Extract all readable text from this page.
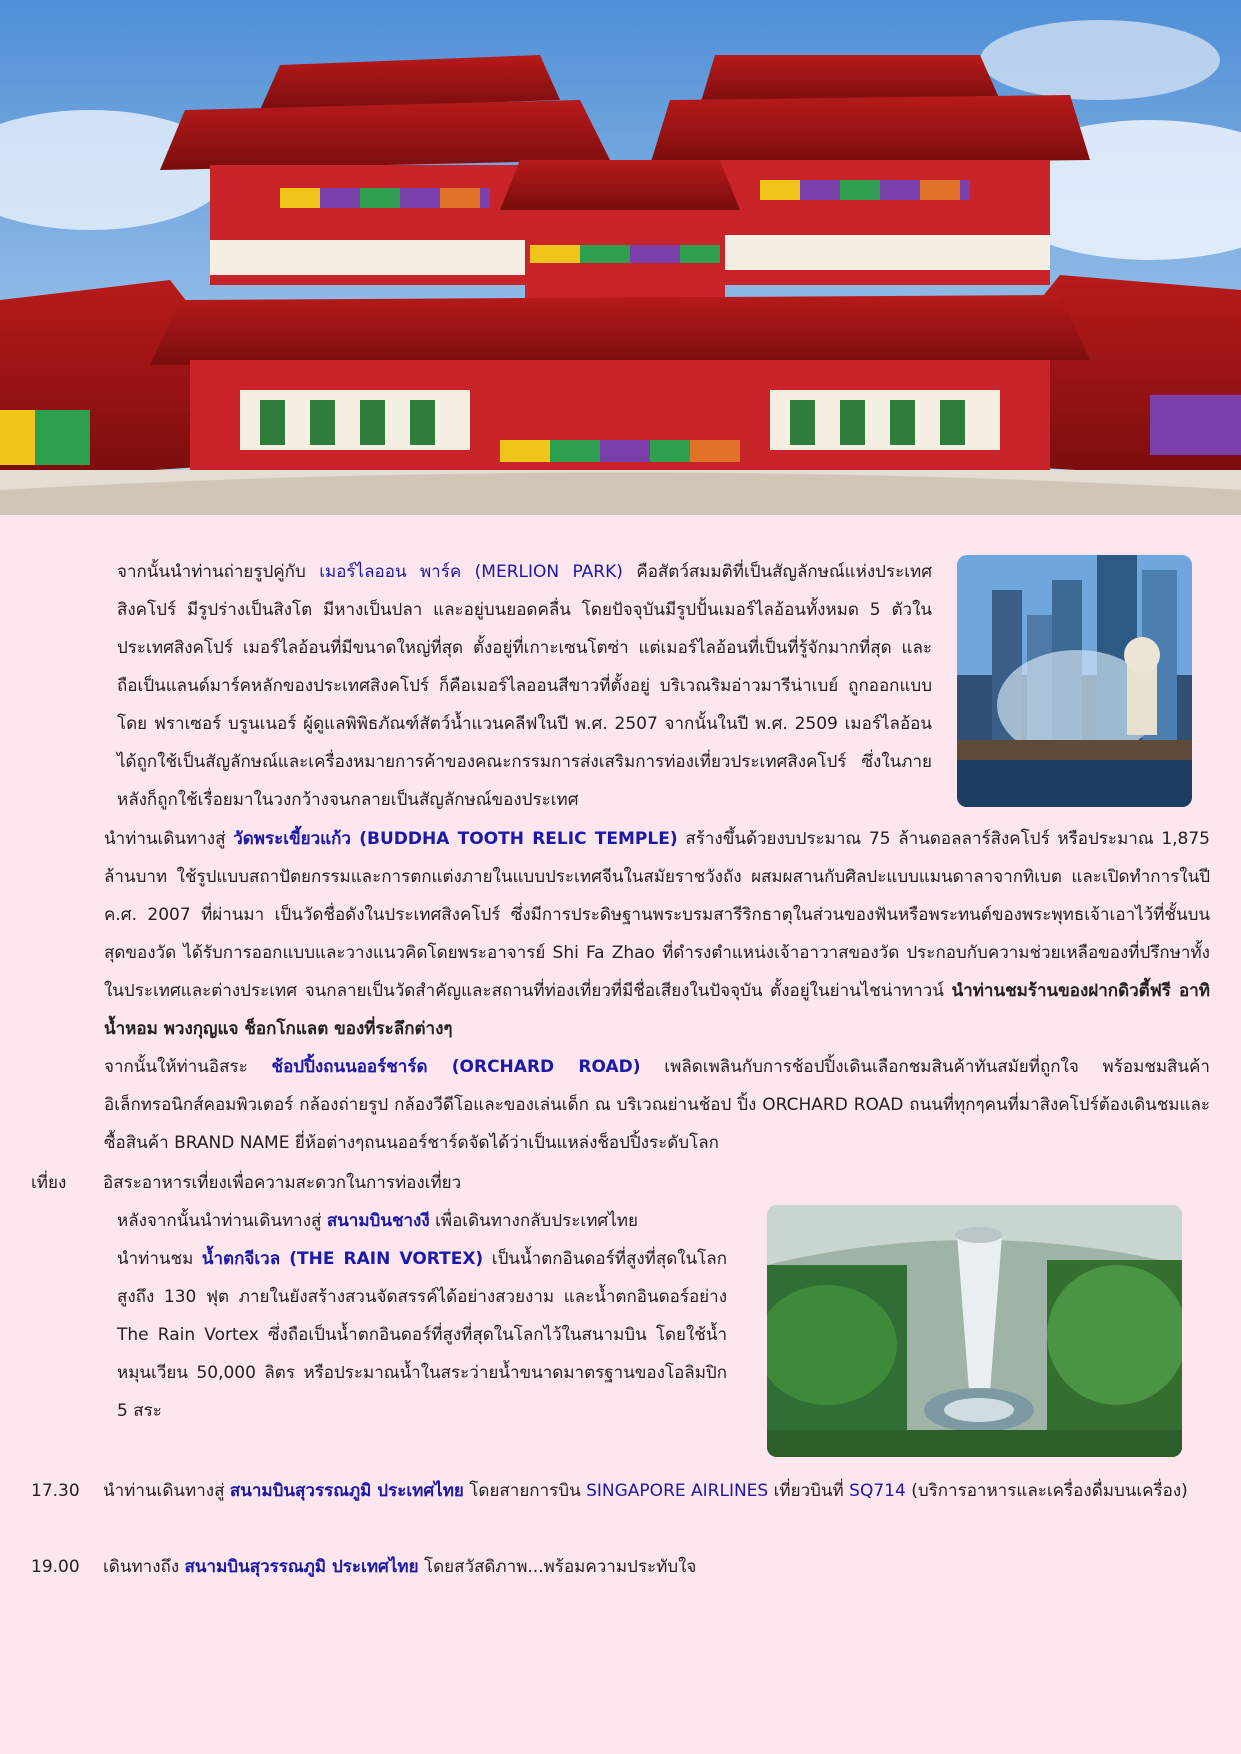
จากนั้นนำท่านถ่ายรูปคู่กับ เมอร์ไลออน พาร์ค (MERLION PARK) คือสัตว์สมมติที่เป็นสัญลักษณ์แห่งประเทศสิงคโปร์ มีรูปร่างเป็นสิงโต มีหางเป็นปลา และอยู่บนยอดคลื่น โดยปัจจุบันมีรูปปั้นเมอร์ไลอ้อนทั้งหมด 5 ตัวในประเทศสิงคโปร์ เมอร์ไลอ้อนที่มีขนาดใหญ่ที่สุด ตั้งอยู่ที่เกาะเซนโตซ่า แต่เมอร์ไลอ้อนที่เป็นที่รู้จักมากที่สุด และถือเป็นแลนด์มาร์คหลักของประเทศสิงคโปร์ ก็คือเมอร์ไลออนสีขาวที่ตั้งอยู่ บริเวณริมอ่าวมารีน่าเบย์ ถูกออกแบบโดย ฟราเซอร์ บรูนเนอร์ ผู้ดูแลพิพิธภัณฑ์สัตว์น้ำแวนคลีฟในปี พ.ศ. 2507 จากนั้นในปี พ.ศ. 2509 เมอร์ไลอ้อนได้ถูกใช้เป็นสัญลักษณ์และเครื่องหมายการค้าของคณะกรรมการส่งเสริมการท่องเที่ยวประเทศสิงคโปร์ ซึ่งในภายหลังก็ถูกใช้เรื่อยมาในวงกว้างจนกลายเป็นสัญลักษณ์ของประเทศ

นำท่านเดินทางสู่ วัดพระเขี้ยวแก้ว (BUDDHA TOOTH RELIC TEMPLE) สร้างขึ้นด้วยงบประมาณ 75 ล้านดอลลาร์สิงคโปร์ หรือประมาณ 1,875 ล้านบาท ใช้รูปแบบสถาปัตยกรรมและการตกแต่งภายในแบบประเทศจีนในสมัยราชวังถัง ผสมผสานกับศิลปะแบบแมนดาลาจากทิเบต และเปิดทำการในปี ค.ศ. 2007 ที่ผ่านมา เป็นวัดชื่อดังในประเทศสิงคโปร์ ซึ่งมีการประดิษฐานพระบรมสารีริกธาตุในส่วนของฟันหรือพระทนต์ของพระพุทธเจ้าเอาไว้ที่ชั้นบนสุดของวัด ได้รับการออกแบบและวางแนวคิดโดยพระอาจารย์ Shi Fa Zhao ที่ดำรงตำแหน่งเจ้าอาวาสของวัด ประกอบกับความช่วยเหลือของที่ปรึกษาทั้งในประเทศและต่างประเทศ จนกลายเป็นวัดสำคัญและสถานที่ท่องเที่ยวที่มีชื่อเสียงในปัจจุบัน ตั้งอยู่ในย่านไชน่าทาวน์ นำท่านชมร้านของฝากดิวตี้ฟรี อาทิ น้ำหอม พวงกุญแจ ช็อกโกแลต ของที่ระลึกต่างๆ

จากนั้นให้ท่านอิสระ ช้อปปิ้งถนนออร์ชาร์ด (ORCHARD ROAD) เพลิดเพลินกับการช้อปปิ้งเดินเลือกชมสินค้าทันสมัยที่ถูกใจ พร้อมชมสินค้าอิเล็กทรอนิกส์คอมพิวเตอร์ กล้องถ่ายรูป กล้องวีดีโอและของเล่นเด็ก ณ บริเวณย่านช้อป ปิ้ง ORCHARD ROAD ถนนที่ทุกๆคนที่มาสิงคโปร์ต้องเดินชมและซื้อสินค้า BRAND NAME ยี่ห้อต่างๆถนนออร์ชาร์ดจัดได้ว่าเป็นแหล่งช็อปปิ้งระดับโลก

เที่ยง	อิสระอาหารเที่ยงเพื่อความสะดวกในการท่องเที่ยว
หลังจากนั้นนำท่านเดินทางสู่ สนามบินชางงี เพื่อเดินทางกลับประเทศไทย
นำท่านชม น้ำตกจีเวล (THE RAIN VORTEX) เป็นน้ำตกอินดอร์ที่สูงที่สุดในโลก สูงถึง 130 ฟุต ภายในยังสร้างสวนจัดสรรค์ได้อย่างสวยงาม และน้ำตกอินดอร์อย่าง The Rain Vortex ซึ่งถือเป็นน้ำตกอินดอร์ที่สูงที่สุดในโลกไว้ในสนามบิน โดยใช้น้ำหมุนเวียน 50,000 ลิตร หรือประมาณน้ำในสระว่ายน้ำขนาดมาตรฐานของโอลิมปิก 5 สระ
17.30	นำท่านเดินทางสู่ สนามบินสุวรรณภูมิ ประเทศไทย โดยสายการบิน SINGAPORE AIRLINES เที่ยวบินที่ SQ714 (บริการอาหารและเครื่องดื่มบนเครื่อง)
19.00	เดินทางถึง สนามบินสุวรรณภูมิ ประเทศไทย โดยสวัสดิภาพ...พร้อมความประทับใจ
